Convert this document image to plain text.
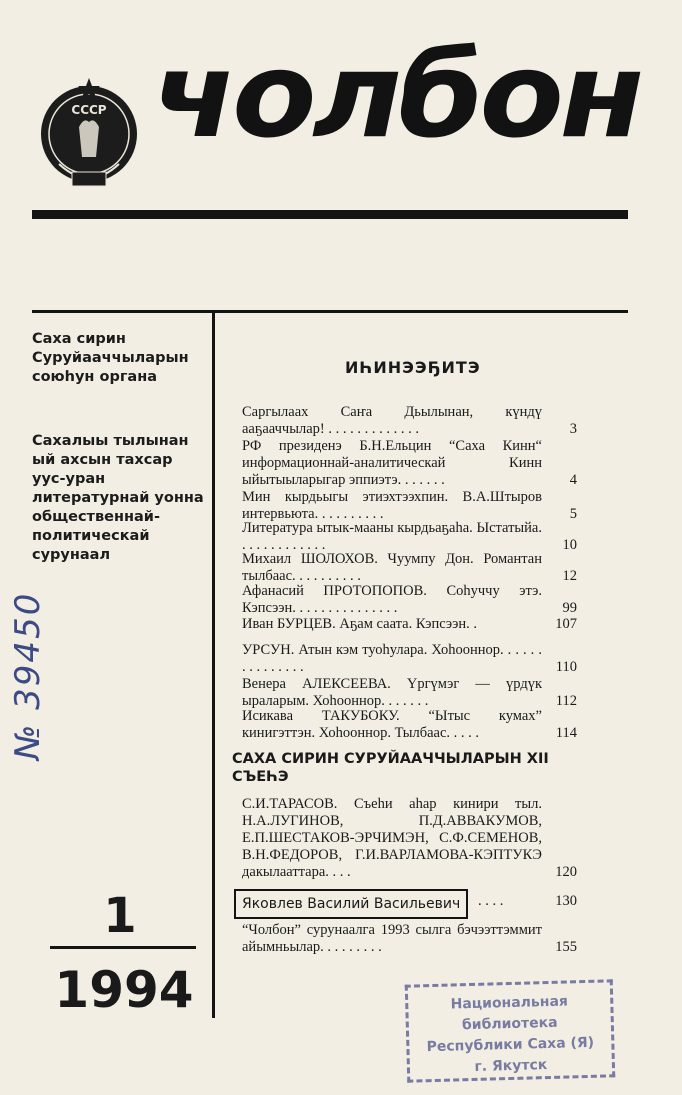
СССР чолбон
Саха сирин Суруйааччыларын союһун органа
Сахалыы тылынан ый ахсын тахсар уус-уран литературнай уонна общественнай-политическай сурунаал
№ 39450
1
1994
ИҺИНЭЭҔИТЭ
Саргылаах Саҥа Дьылынан, күндү ааҕааччылар! . . . . . . . . . . . . .	3
РФ президенэ Б.Н.Ельцин “Саха Кинн“ информационнай-аналитическай Кинн ыйытыыларыгар эппиэтэ. . . . . . .	4
Мин кырдьыгы этиэхтээхпин. В.А.Штыров интервьюта. . . . . . . . . .	5
Литература ытык-мааны кырдьаҕаһа. Ыстатыйа. . . . . . . . . . . . .	10
Михаил ШОЛОХОВ. Чуумпу Дон. Романтан тылбаас. . . . . . . . . .	12
Афанасий ПРОТОПОПОВ. Соһуччу этэ. Кэпсээн. . . . . . . . . . . . . . .	99
Иван БУРЦЕВ. Аҕам саата. Кэпсээн. .	107
УРСУН. Атын кэм туоһулара. Хоһооннор. . . . . . . . . . . . . . .	110
Венера АЛЕКСЕЕВА. Үргүмэг — үрдүк ыраларым. Хоһооннор. . . . . . .	112
Исикава ТАКУБОКУ. “Ытыс кумах” кинигэттэн. Хоһооннор. Тылбаас. . . . .	114
САХА СИРИН СУРУЙААЧЧЫЛАРЫН XII СЪЕҺЭ
С.И.ТАРАСОВ. Съеһи аһар кинири тыл. Н.А.ЛУГИНОВ, П.Д.АВВАКУМОВ, Е.П.ШЕСТАКОВ-ЭРЧИМЭН, С.Ф.СЕМЕНОВ, В.Н.ФЕДОРОВ, Г.И.ВАРЛАМОВА-КЭПТУКЭ дакылааттара. . . .	120
Яковлев Василий Васильевич	. . . .	130
“Чолбон” сурунаалга 1993 сылга бэчээттэммит айымньылар. . . . . . . . .	155
Национальная
библиотека
Республики Саха (Я)
г. Якутск
